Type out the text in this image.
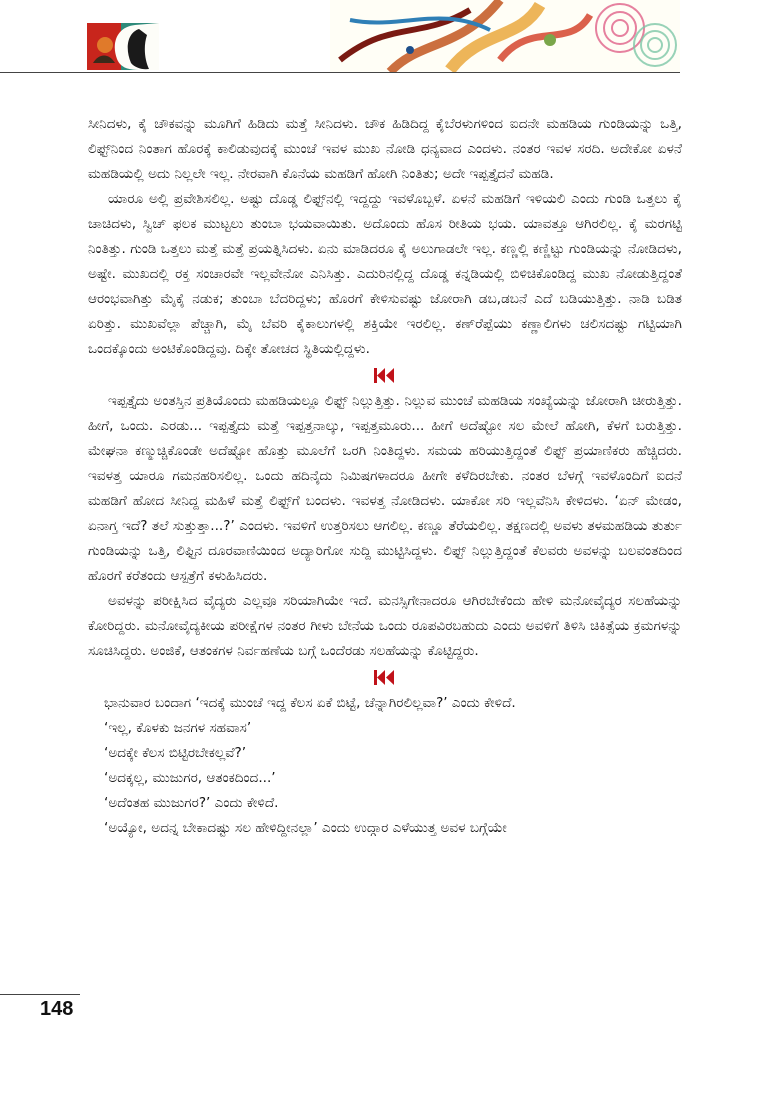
ಸೀನಿದಳು, ಕೈ ಚೌಕವನ್ನು ಮೂಗಿಗೆ ಹಿಡಿದು ಮತ್ತೆ ಸೀನಿದಳು. ಚೌಕ ಹಿಡಿದಿದ್ದ ಕೈಬೆರಳುಗಳಿಂದ ಐದನೇ ಮಹಡಿಯ ಗುಂಡಿಯನ್ನು ಒತ್ತಿ, ಲಿಫ್ಟ್‌ನಿಂದ ನಿಂತಾಗ ಹೊರಕ್ಕೆ ಕಾಲಿಡುವುದಕ್ಕೆ ಮುಂಚೆ ಇವಳ ಮುಖ ನೋಡಿ ಧನ್ಯವಾದ ಎಂದಳು. ನಂತರ ಇವಳ ಸರದಿ. ಅದೇಕೋ ಏಳನೆ ಮಹಡಿಯಲ್ಲಿ ಅದು ನಿಲ್ಲಲೇ ಇಲ್ಲ. ನೇರವಾಗಿ ಕೊನೆಯ ಮಹಡಿಗೆ ಹೋಗಿ ನಿಂತಿತು; ಅದೇ ಇಪ್ಪತ್ತೈದನೆ ಮಹಡಿ.

ಯಾರೂ ಅಲ್ಲಿ ಪ್ರವೇಶಿಸಲಿಲ್ಲ. ಅಷ್ಟು ದೊಡ್ಡ ಲಿಫ್ಟ್‌ನಲ್ಲಿ ಇದ್ದದ್ದು ಇವಳೊಬ್ಬಳೆ. ಏಳನೆ ಮಹಡಿಗೆ ಇಳಿಯಲಿ ಎಂದು ಗುಂಡಿ ಒತ್ತಲು ಕೈ ಚಾಚಿದಳು, ಸ್ವಿಚ್ ಫಲಕ ಮುಟ್ಟಲು ತುಂಬಾ ಭಯವಾಯಿತು. ಅದೊಂದು ಹೊಸ ರೀತಿಯ ಭಯ. ಯಾವತ್ತೂ ಆಗಿರಲಿಲ್ಲ. ಕೈ ಮರಗಟ್ಟಿ ನಿಂತಿತ್ತು. ಗುಂಡಿ ಒತ್ತಲು ಮತ್ತೆ ಮತ್ತೆ ಪ್ರಯತ್ನಿಸಿದಳು. ಏನು ಮಾಡಿದರೂ ಕೈ ಅಲುಗಾಡಲೇ ಇಲ್ಲ. ಕಣ್ಣಲ್ಲಿ ಕಣ್ಣಿಟ್ಟು ಗುಂಡಿಯನ್ನು ನೋಡಿದಳು, ಅಷ್ಟೇ. ಮುಖದಲ್ಲಿ ರಕ್ತ ಸಂಚಾರವೇ ಇಲ್ಲವೇನೋ ಎನಿಸಿತ್ತು. ಎದುರಿನಲ್ಲಿದ್ದ ದೊಡ್ಡ ಕನ್ನಡಿಯಲ್ಲಿ ಬಿಳಿಚಿಕೊಂಡಿದ್ದ ಮುಖ ನೋಡುತ್ತಿದ್ದಂತೆ ಆರಂಭವಾಗಿತ್ತು ಮೈಕೈ ನಡುಕ; ತುಂಬಾ ಬೆದರಿದ್ದಳು; ಹೊರಗೆ ಕೇಳಿಸುವಷ್ಟು ಜೋರಾಗಿ ಡಬ,ಡಬನೆ ಎದೆ ಬಡಿಯುತ್ತಿತ್ತು. ನಾಡಿ ಬಡಿತ ಏರಿತ್ತು. ಮುಖವೆಲ್ಲಾ ಪೆಚ್ಚಾಗಿ, ಮೈ ಬೆವರಿ ಕೈಕಾಲುಗಳಲ್ಲಿ ಶಕ್ತಿಯೇ ಇರಲಿಲ್ಲ. ಕಣ್‌ರೆಪ್ಪೆಯು ಕಣ್ಣಾಲಿಗಳು ಚಲಿಸದಷ್ಟು ಗಟ್ಟಿಯಾಗಿ ಒಂದಕ್ಕೊಂದು ಅಂಟಿಕೊಂಡಿದ್ದವು. ದಿಕ್ಕೇ ತೋಚದ ಸ್ಥಿತಿಯಲ್ಲಿದ್ದಳು.

ಇಪ್ಪತ್ತೈದು ಅಂತಸ್ತಿನ ಪ್ರತಿಯೊಂದು ಮಹಡಿಯಲ್ಲೂ ಲಿಫ್ಟ್ ನಿಲ್ಲುತ್ತಿತ್ತು. ನಿಲ್ಲುವ ಮುಂಚೆ ಮಹಡಿಯ ಸಂಖ್ಯೆಯನ್ನು ಜೋರಾಗಿ ಚೀರುತ್ತಿತ್ತು. ಹೀಗೆ, ಒಂದು. ಎರಡು... ಇಪ್ಪತ್ತೈದು ಮತ್ತೆ ಇಪ್ಪತ್ತನಾಲ್ಕು, ಇಪ್ಪತ್ತಮೂರು... ಹೀಗೆ ಅದೆಷ್ಟೋ ಸಲ ಮೇಲೆ ಹೋಗಿ, ಕೆಳಗೆ ಬರುತ್ತಿತ್ತು. ಮೇಘನಾ ಕಣ್ಮುಚ್ಚಿಕೊಂಡೇ ಅದೆಷ್ಟೋ ಹೊತ್ತು ಮೂಲೆಗೆ ಒರಗಿ ನಿಂತಿದ್ದಳು. ಸಮಯ ಹರಿಯುತ್ತಿದ್ದಂತೆ ಲಿಫ್ಟ್ ಪ್ರಯಾಣಿಕರು ಹೆಚ್ಚಿದರು. ಇವಳತ್ತ ಯಾರೂ ಗಮನಹರಿಸಲಿಲ್ಲ. ಒಂದು ಹದಿನೈದು ನಿಮಿಷಗಳಾದರೂ ಹೀಗೇ ಕಳೆದಿರಬೇಕು. ನಂತರ ಬೆಳಗ್ಗೆ ಇವಳೊಂದಿಗೆ ಐದನೆ ಮಹಡಿಗೆ ಹೋದ ಸೀನಿದ್ದ ಮಹಿಳೆ ಮತ್ತೆ ಲಿಫ್ಟ್‌ಗೆ ಬಂದಳು. ಇವಳತ್ತ ನೋಡಿದಳು. ಯಾಕೋ ಸರಿ ಇಲ್ಲವೆನಿಸಿ ಕೇಳಿದಳು. ‘ಏನ್ ಮೇಡಂ, ಏನಾಗ್ತ ಇದೆ? ತಲೆ ಸುತ್ತುತ್ತಾ...?’ ಎಂದಳು. ಇವಳಿಗೆ ಉತ್ತರಿಸಲು ಆಗಲಿಲ್ಲ. ಕಣ್ಣೂ ತೆರೆಯಲಿಲ್ಲ. ತಕ್ಷಣದಲ್ಲಿ ಅವಳು ತಳಮಹಡಿಯ ತುರ್ತು ಗುಂಡಿಯನ್ನು ಒತ್ತಿ, ಲಿಫ್ಟಿನ ದೂರವಾಣಿಯಿಂದ ಅದ್ಯಾರಿಗೋ ಸುದ್ದಿ ಮುಟ್ಟಿಸಿದ್ದಳು. ಲಿಫ್ಟ್ ನಿಲ್ಲುತ್ತಿದ್ದಂತೆ ಕೆಲವರು ಅವಳನ್ನು ಬಲವಂತದಿಂದ ಹೊರಗೆ ಕರೆತಂದು ಆಸ್ಪತ್ರೆಗೆ ಕಳುಹಿಸಿದರು.

ಅವಳನ್ನು ಪರೀಕ್ಷಿಸಿದ ವೈದ್ಯರು ಎಲ್ಲವೂ ಸರಿಯಾಗಿಯೇ ಇದೆ. ಮನಸ್ಸಿಗೇನಾದರೂ ಆಗಿರಬೇಕೆಂದು ಹೇಳಿ ಮನೋವೈದ್ಯರ ಸಲಹೆಯನ್ನು ಕೋರಿದ್ದರು. ಮನೋವೈದ್ಯಕೀಯ ಪರೀಕ್ಷೆಗಳ ನಂತರ ಗೀಳು ಬೇನೆಯ ಒಂದು ರೂಪವಿರಬಹುದು ಎಂದು ಅವಳಿಗೆ ತಿಳಿಸಿ ಚಿಕಿತ್ಸೆಯ ಕ್ರಮಗಳನ್ನು ಸೂಚಿಸಿದ್ದರು. ಅಂಜಿಕೆ, ಆತಂಕಗಳ ನಿರ್ವಹಣೆಯ ಬಗ್ಗೆ ಒಂದೆರಡು ಸಲಹೆಯನ್ನು ಕೊಟ್ಟಿದ್ದರು.

ಭಾನುವಾರ ಬಂದಾಗ ‘ಇದಕ್ಕೆ ಮುಂಚೆ ಇದ್ದ ಕೆಲಸ ಏಕೆ ಬಿಟ್ಟೆ, ಚೆನ್ನಾಗಿರಲಿಲ್ಲವಾ?’ ಎಂದು ಕೇಳಿದೆ.

‘ಇಲ್ಲ, ಕೊಳಕು ಜನಗಳ ಸಹವಾಸ’

‘ಅದಕ್ಕೇ ಕೆಲಸ ಬಿಟ್ಟಿರಬೇಕಲ್ಲವೆ?’

‘ಅದಕ್ಕಲ್ಲ, ಮುಜುಗರ, ಆತಂಕದಿಂದ...’

‘ಅದೆಂತಹ ಮುಜುಗರ?’ ಎಂದು ಕೇಳಿದೆ.

‘ಅಯ್ಯೋ, ಅದನ್ನ ಬೇಕಾದಷ್ಟು ಸಲ ಹೇಳಿದ್ದೀನಲ್ಲಾ’ ಎಂದು ಉದ್ಗಾರ ಎಳೆಯುತ್ತ ಅವಳ ಬಗ್ಗೆಯೇ

148
